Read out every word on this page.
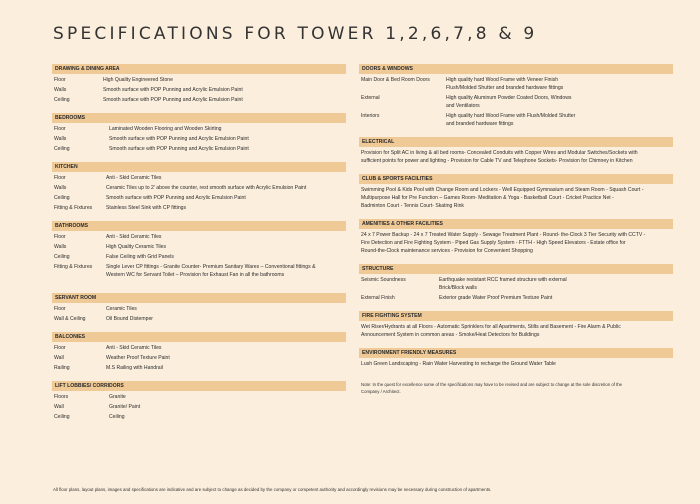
SPECIFICATIONS FOR TOWER 1,2,6,7,8 & 9
DRAWING & DINING AREA
Floor	High Quality Engineered Stone
Walls	Smooth surface with POP Punning and Acrylic Emulsion Paint
Ceiling	Smooth surface with POP Punning and Acrylic Emulsion Paint
BEDROOMS
Floor	Laminated Wooden Flooring and Wooden Skirting
Walls	Smooth surface with POP Punning and Acrylic Emulsion Paint
Ceiling	Smooth surface with POP Punning and Acrylic Emulsion Paint
KITCHEN
Floor	Anti - Skid Ceramic Tiles
Walls	Ceramic Tiles up to 2' above the counter, rest smooth surface with Acrylic Emulsion Paint
Ceiling	Smooth surface with POP Punning and Acrylic Emulsion Paint
Fitting & Fixtures	Stainless Steel Sink with CP fittings
BATHROOMS
Floor	Anti - Skid Ceramic Tiles
Walls	High Quality Ceramic Tiles
Ceiling	False Ceiling with Grid Panels
Fitting & Fixtures	Single Lever CP fittings - Granite Counter- Premium Sanitary Wares – Conventional fittings &
Western WC for Servant Toilet – Provision for Exhaust Fan in all the bathrooms
SERVANT ROOM
Floor	Ceramic Tiles
Wall & Ceiling	Oil Bound Distemper
BALCONIES
Floor	Anti - Skid Ceramic Tiles
Wall	Weather Proof Texture Paint
Railing	M.S Railing with Handrail
LIFT LOBBIES/ CORRIDORS
Floors	Granite
Wall	Granite/ Paint
Ceiling	Ceiling
DOORS & WINDOWS
Main Door & Bed Room Doors	High quality hard Wood Frame with Veneer Finish
Flush/Molded Shutter and branded hardware fittings
External	High quality Aluminum Powder Coated Doors, Windows
and Ventilators
Interiors	High quality hard Wood Frame with Flush/Molded Shutter
and branded hardware fittings
ELECTRICAL
Provision for Split AC in living & all bed rooms- Concealed Conduits with Copper Wires and Modular Switches/Sockets with
sufficient points for power and lighting - Provision for Cable TV and Telephone Sockets- Provision for Chimney in Kitchen
CLUB & SPORTS FACILITIES
Swimming Pool & Kids Pool with Change Room and Lockers - Well Equipped Gymnasium and Steam Room - Squash Court -
Multipurpose Hall for Pre Function – Games Room- Meditation & Yoga - Basketball Court - Cricket Practice Net -
Badminton Court - Tennis Court- Skating Rink
AMENITIES & OTHER FACILITIES
24 x 7 Power Backup - 24 x 7 Treated Water Supply - Sewage Treatment Plant - Round- the-Clock 3 Tier Security with CCTV -
Fire Detection and Fire Fighting System - Piped Gas Supply System - FTTH - High Speed Elevators - Estate office for
Round-the-Clock maintenance services - Provision for Convenient Shopping
STRUCTURE
Seismic Soundness	Earthquake resistant RCC framed structure with external
Brick/Block walls
External Finish	Exterior grade Water Proof Premium Texture Paint
FIRE FIGHTING SYSTEM
Wet Riser/Hydrants at all Floors - Automatic Sprinklers for all Apartments, Stilts and Basement - Fire Alarm & Public
Announcement System in common areas - Smoke/Heat Detectors for Buildings
ENVIRONMENT FRIENDLY MEASURES
Lush Green Landscaping - Rain Water Harvesting to recharge the Ground Water Table
Note: In the quest for excellence some of the specifications may have to be revised and are subject to change at the sole discretion of the
Company / Architect.
All floor plans, layout plans, images and specifications are indicative and are subject to change as decided by the company or competent authority and accordingly revisions may be necessary during construction of apartments.
